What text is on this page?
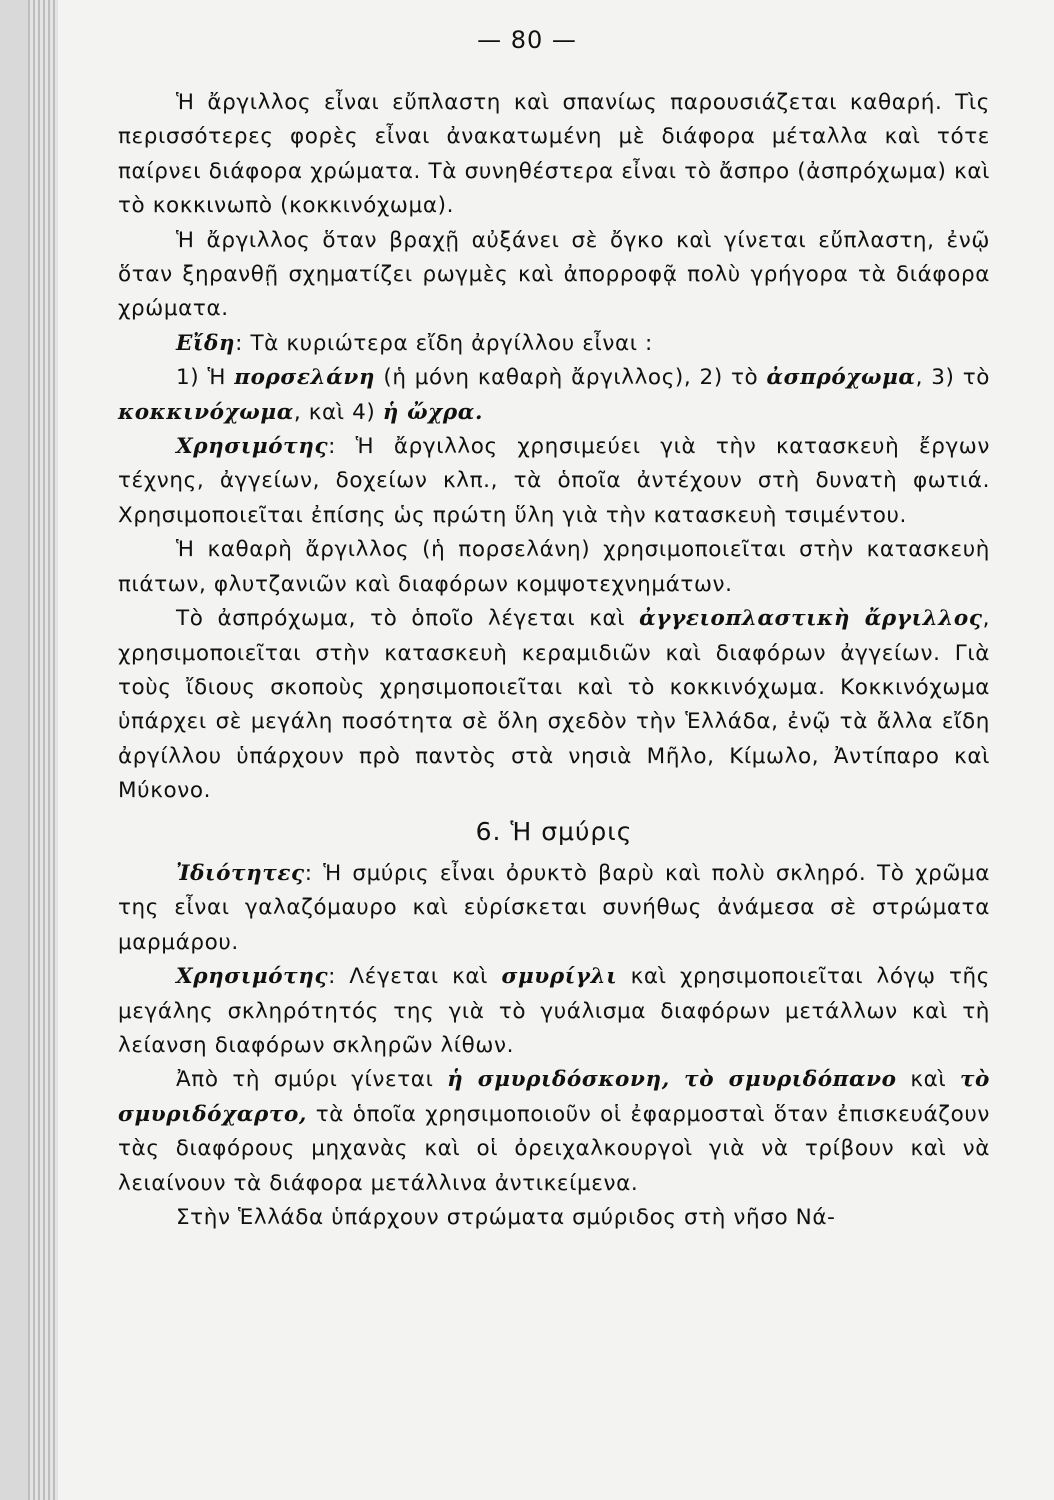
— 80 —

Ἡ ἄργιλλος εἶναι εὔπλαστη καὶ σπανίως παρουσιάζεται καθαρή. Τὶς περισσότερες φορὲς εἶναι ἀνακατωμένη μὲ διάφορα μέταλλα καὶ τότε παίρνει διάφορα χρώματα. Τὰ συνηθέστερα εἶναι τὸ ἄσπρο (ἀσπρόχωμα) καὶ τὸ κοκκινωπὸ (κοκκινόχωμα).

Ἡ ἄργιλλος ὅταν βραχῇ αὐξάνει σὲ ὄγκο καὶ γίνεται εὔπλαστη, ἐνῷ ὅταν ξηρανθῇ σχηματίζει ρωγμὲς καὶ ἀπορροφᾷ πολὺ γρήγορα τὰ διάφορα χρώματα.

Εἴδη: Τὰ κυριώτερα εἴδη ἀργίλλου εἶναι :

1) Ἡ πορσελάνη (ἡ μόνη καθαρὴ ἄργιλλος), 2) τὸ ἀσπρόχωμα, 3) τὸ κοκκινόχωμα, καὶ 4) ἡ ὤχρα.

Χρησιμότης: Ἡ ἄργιλλος χρησιμεύει γιὰ τὴν κατασκευὴ ἔργων τέχνης, ἀγγείων, δοχείων κλπ., τὰ ὁποῖα ἀντέχουν στὴ δυνατὴ φωτιά. Χρησιμοποιεῖται ἐπίσης ὡς πρώτη ὕλη γιὰ τὴν κατασκευὴ τσιμέντου.

Ἡ καθαρὴ ἄργιλλος (ἡ πορσελάνη) χρησιμοποιεῖται στὴν κατασκευὴ πιάτων, φλυτζανιῶν καὶ διαφόρων κομψοτεχνημάτων.

Τὸ ἀσπρόχωμα, τὸ ὁποῖο λέγεται καὶ ἀγγειοπλαστικὴ ἄργιλλος, χρησιμοποιεῖται στὴν κατασκευὴ κεραμιδιῶν καὶ διαφόρων ἀγγείων. Γιὰ τοὺς ἴδιους σκοποὺς χρησιμοποιεῖται καὶ τὸ κοκκινόχωμα. Κοκκινόχωμα ὑπάρχει σὲ μεγάλη ποσότητα σὲ ὅλη σχεδὸν τὴν Ἑλλάδα, ἐνῷ τὰ ἄλλα εἴδη ἀργίλλου ὑπάρχουν πρὸ παντὸς στὰ νησιὰ Μῆλο, Κίμωλο, Ἀντίπαρο καὶ Μύκονο.

6. Ἡ σμύρις

Ἰδιότητες: Ἡ σμύρις εἶναι ὀρυκτὸ βαρὺ καὶ πολὺ σκληρό. Τὸ χρῶμα της εἶναι γαλαζόμαυρο καὶ εὑρίσκεται συνήθως ἀνάμεσα σὲ στρώματα μαρμάρου.

Χρησιμότης: Λέγεται καὶ σμυρίγλι καὶ χρησιμοποιεῖται λόγῳ τῆς μεγάλης σκληρότητός της γιὰ τὸ γυάλισμα διαφόρων μετάλλων καὶ τὴ λείανση διαφόρων σκληρῶν λίθων.

Ἀπὸ τὴ σμύρι γίνεται ἡ σμυριδόσκονη, τὸ σμυριδόπανο καὶ τὸ σμυριδόχαρτο, τὰ ὁποῖα χρησιμοποιοῦν οἱ ἐφαρμοσταὶ ὅταν ἐπισκευάζουν τὰς διαφόρους μηχανὰς καὶ οἱ ὀρειχαλκουργοὶ γιὰ νὰ τρίβουν καὶ νὰ λειαίνουν τὰ διάφορα μετάλλινα ἀντικείμενα.

Στὴν Ἑλλάδα ὑπάρχουν στρώματα σμύριδος στὴ νῆσο Νά-
